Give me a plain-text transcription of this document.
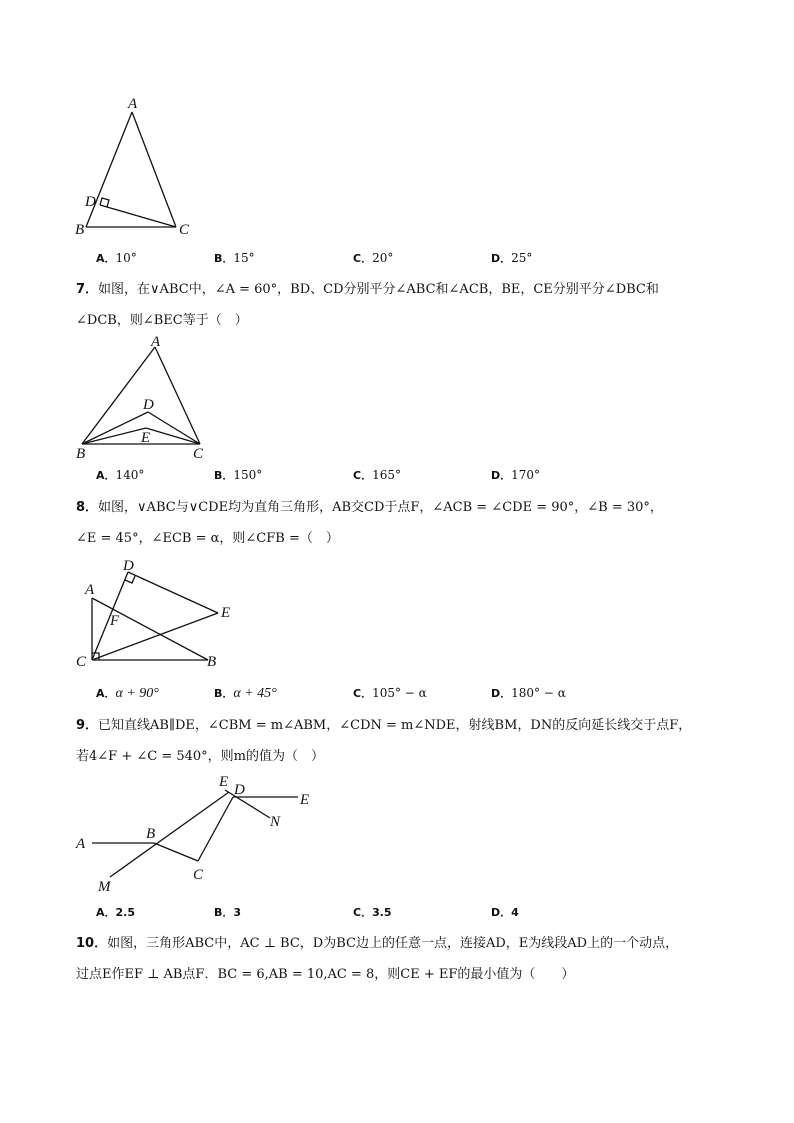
A
D
B	C
A．10°	B．15°	C．20°	D．25°
7．如图，在∨ABC中，∠A = 60°，BD、CD分别平分∠ABC和∠ACB，BE，CE分别平分∠DBC和
∠DCB，则∠BEC等于（　）
A
D
E
B	C
A．140°	B．150°	C．165°	D．170°
8．如图，∨ABC与∨CDE均为直角三角形，AB交CD于点F，∠ACB = ∠CDE = 90°，∠B = 30°，
∠E = 45°，∠ECB = α，则∠CFB =（　）
D
A
E
F
C	B
A．α + 90°	B．α + 45°	C．105° − α	D．180° − α
9．已知直线AB∥DE，∠CBM = m∠ABM，∠CDN = m∠NDE，射线BM，DN的反向延长线交于点F，
若4∠F + ∠C = 540°，则m的值为（　）
E D
E
N
B
A
C
M
A．2.5	B．3	C．3.5	D．4
10．如图，三角形ABC中，AC ⊥ BC，D为BC边上的任意一点，连接AD，E为线段AD上的一个动点，
过点E作EF ⊥ AB点F．BC = 6,AB = 10,AC = 8，则CE + EF的最小值为（　　）
